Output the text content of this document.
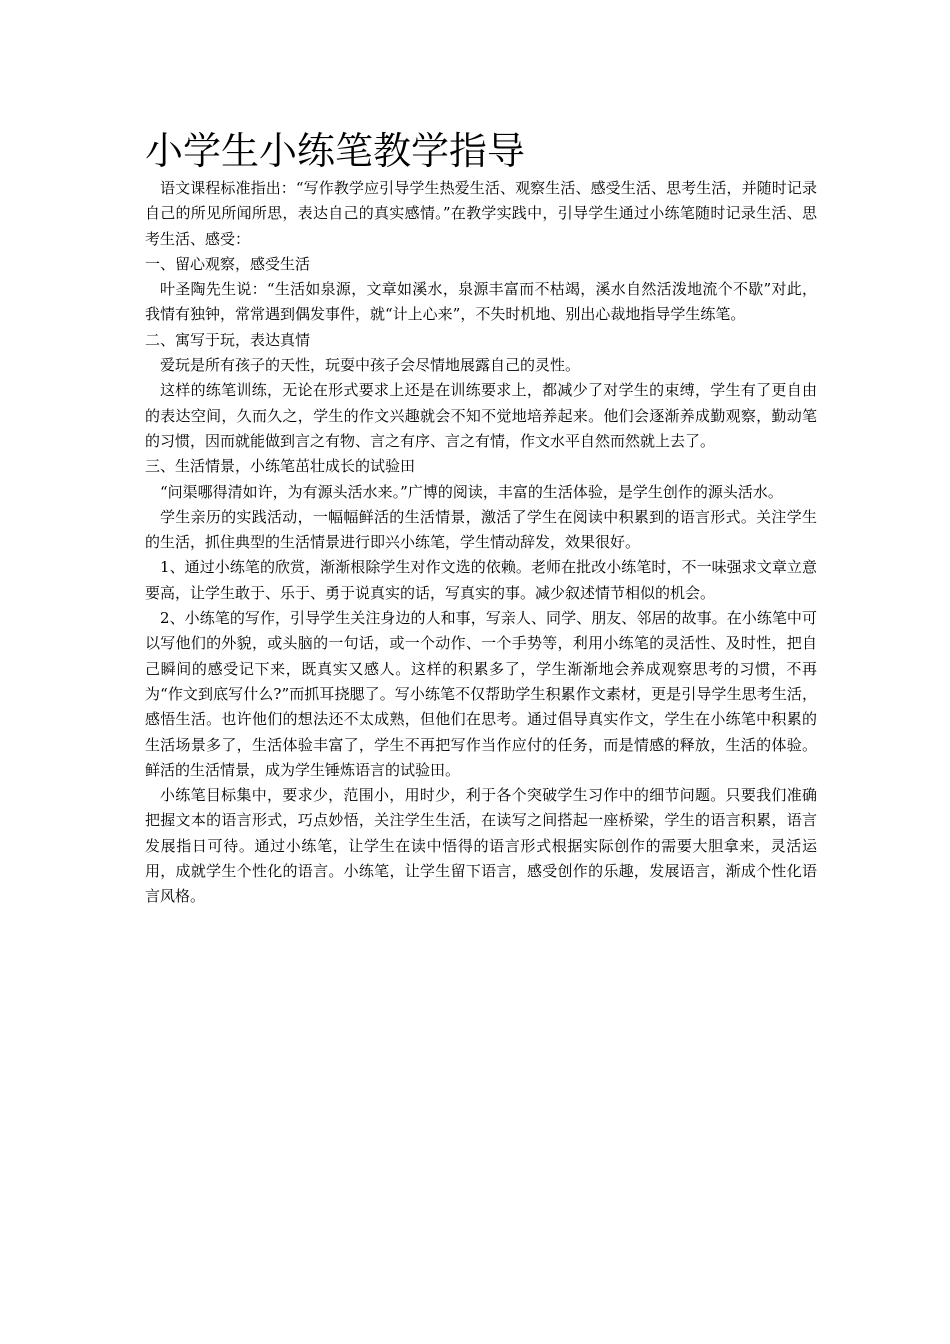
小学生小练笔教学指导

语文课程标准指出：“写作教学应引导学生热爱生活、观察生活、感受生活、思考生活，并随时记录自己的所见所闻所思，表达自己的真实感情。”在教学实践中，引导学生通过小练笔随时记录生活、思考生活、感受：

一、留心观察，感受生活

叶圣陶先生说：“生活如泉源，文章如溪水，泉源丰富而不枯竭，溪水自然活泼地流个不歇”对此，我情有独钟，常常遇到偶发事件，就“计上心来”，不失时机地、别出心裁地指导学生练笔。

二、寓写于玩，表达真情

爱玩是所有孩子的天性，玩耍中孩子会尽情地展露自己的灵性。

这样的练笔训练，无论在形式要求上还是在训练要求上，都减少了对学生的束缚，学生有了更自由的表达空间，久而久之，学生的作文兴趣就会不知不觉地培养起来。他们会逐渐养成勤观察，勤动笔的习惯，因而就能做到言之有物、言之有序、言之有情，作文水平自然而然就上去了。

三、生活情景，小练笔茁壮成长的试验田

“问渠哪得清如许，为有源头活水来。”广博的阅读，丰富的生活体验，是学生创作的源头活水。

学生亲历的实践活动，一幅幅鲜活的生活情景，激活了学生在阅读中积累到的语言形式。关注学生的生活，抓住典型的生活情景进行即兴小练笔，学生情动辞发，效果很好。

1、通过小练笔的欣赏，渐渐根除学生对作文选的依赖。老师在批改小练笔时，不一味强求文章立意要高，让学生敢于、乐于、勇于说真实的话，写真实的事。减少叙述情节相似的机会。

2、小练笔的写作，引导学生关注身边的人和事，写亲人、同学、朋友、邻居的故事。在小练笔中可以写他们的外貌，或头脑的一句话，或一个动作、一个手势等，利用小练笔的灵活性、及时性，把自己瞬间的感受记下来，既真实又感人。这样的积累多了，学生渐渐地会养成观察思考的习惯，不再为“作文到底写什么?”而抓耳挠腮了。写小练笔不仅帮助学生积累作文素材，更是引导学生思考生活，感悟生活。也许他们的想法还不太成熟，但他们在思考。通过倡导真实作文，学生在小练笔中积累的生活场景多了，生活体验丰富了，学生不再把写作当作应付的任务，而是情感的释放，生活的体验。鲜活的生活情景，成为学生锤炼语言的试验田。

小练笔目标集中，要求少，范围小，用时少，利于各个突破学生习作中的细节问题。只要我们准确把握文本的语言形式，巧点妙悟，关注学生生活，在读写之间搭起一座桥梁，学生的语言积累，语言发展指日可待。通过小练笔，让学生在读中悟得的语言形式根据实际创作的需要大胆拿来，灵活运用，成就学生个性化的语言。小练笔，让学生留下语言，感受创作的乐趣，发展语言，渐成个性化语言风格。
